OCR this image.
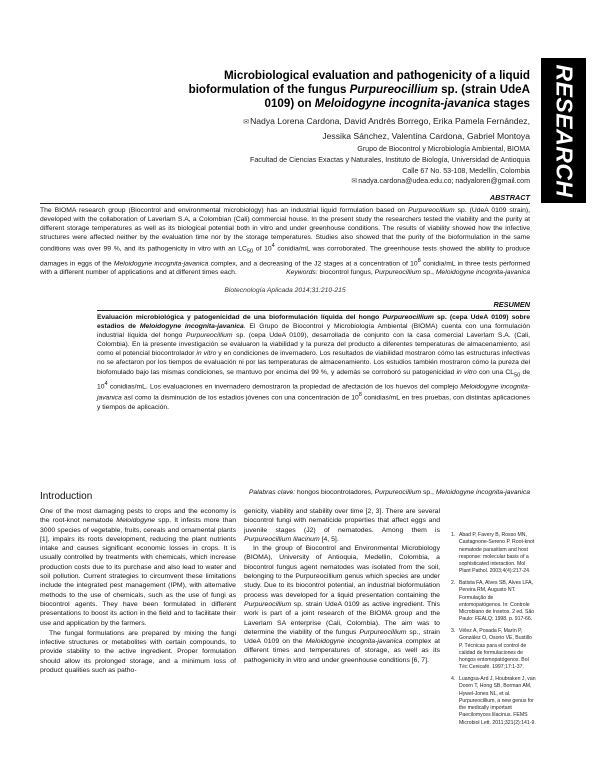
RESEARCH
Microbiological evaluation and pathogenicity of a liquid
bioformulation of the fungus Purpureocillium sp. (strain UdeA
0109) on Meloidogyne incognita-javanica stages
✉Nadya Lorena Cardona, David Andrés Borrego, Erika Pamela Fernández,
Jessika Sánchez, Valentina Cardona, Gabriel Montoya
Grupo de Biocontrol y Microbiología Ambiental, BIOMA
Facultad de Ciencias Exactas y Naturales, Instituto de Biología, Universidad de Antioquia
Calle 67 No. 53-108, Medellín, Colombia
✉nadya.cardona@udea.edu.co; nadyaloren@gmail.com
ABSTRACT
The BIOMA research group (Biocontrol and environmental microbiology) has an industrial liquid formulation based on Purpureocillium sp. (UdeA 0109 strain), developed with the collaboration of Laverlam S.A, a Colombian (Cali) commercial house. In the present study the researchers tested the viability and the purity at different storage temperatures as well as its biological potential both in vitro and under greenhouse conditions. The results of viability showed how the infective structures were affected neither by the evaluation time nor by the storage temperatures. Studies also showed that the purity of the bioformulation in the same conditions was over 99 %, and its pathogenicity in vitro with an $LC_{50}$ of $10^4$ conidia/mL was corroborated. The greenhouse tests showed the ability to produce damages in eggs of the Meloidogyne incognita-javanica complex, and a decreasing of the J2 stages at a concentration of $10^8$ conidia/mL in three tests performed with a different number of applications and at different times each.	Keywords: biocontrol fungus, Purpureocillium sp., Meloidogyne incognita-javanica
Biotecnología Aplicada 2014;31:210-215
RESUMEN
Evaluación microbiológica y patogenicidad de una bioformulación líquida del hongo Purpureocillium sp. (cepa UdeA 0109) sobre estadios de Meloidogyne incognita-javanica. El Grupo de Biocontrol y Microbiología Ambiental (BIOMA) cuenta con una formulación industrial líquida del hongo Purpureocillium sp. (cepa UdeA 0109), desarrollada de conjunto con la casa comercial Laverlam S.A. (Cali, Colombia). En la presente investigación se evaluaron la viabilidad y la pureza del producto a diferentes temperaturas de almacenamiento, así como el potencial biocontrolador in vitro y en condiciones de invernadero. Los resultados de viabilidad mostraron cómo las estructuras infectivas no se afectaron por los tiempos de evaluación ni por las temperaturas de almacenamiento. Los estudios también mostraron cómo la pureza del biofomulado bajo las mismas condiciones, se mantuvo por encima del 99 %, y además se corroboró su patogenicidad in vitro con una $CL_{50}$ de $10^4$ conidias/mL. Los evaluaciones en invernadero demostraron la propiedad de afectación de los huevos del complejo Meloidogyne incognita-javanica así como la disminución de los estadios jóvenes con una concentración de $10^8$ conidias/mL en tres pruebas, con distintas aplicaciones y tiempos de aplicación.
Palabras clave: hongos biocontroladores, Purpureocillium sp., Meloidogyne incognita-javanica
Introduction

One of the most damaging pests to crops and the economy is the root-knot nematode Meloidogyne spp. It infests more than 3000 species of vegetable, fruits, cereals and ornamental plants [1], impairs its roots development, reducing the plant nutrients intake and causes significant economic losses in crops. It is usually controlled by treatments with chemicals, which increase production costs due to its purchase and also lead to water and soil pollution. Current strategies to circumvent these limitations include the integrated pest management (IPM), with alternative methods to the use of chemicals, such as the use of fungi as biocontrol agents. They have been formulated in different presentations to boost its action in the field and to facilitate their use and application by the farmers.

The fungal formulations are prepared by mixing the fungi infective structures or metabolites with certain compounds, to provide stability to the active ingredient. Proper formulation should allow its prolonged storage, and a minimum loss of product qualities such as patho-

genicity, viability and stability over time [2, 3]. There are several biocontrol fungi with nematicide properties that affect eggs and juvenile stages (J2) of nematodes. Among them is Purpureocillium lilacinum [4, 5].

In the group of Biocontrol and Environmental Microbiology (BIOMA), University of Antioquia, Medellin, Colombia, a biocontrol fungus agent nematodes was isolated from the soil, belonging to the Purpureocillium genus which species are under study. Due to its biocontrol potential, an industrial bioformulation process was developed for a liquid presentation containing the Purpureocillium sp. strain UdeA 0109 as active ingredient. This work is part of a joint research of the BIOMA group and the Laverlam SA enterprise (Cali, Colombia). The aim was to determine the viability of the fungus Purpureocillium sp., strain UdeA 0109 on the Meloidogyne incognita-javanica complex at different times and temperatures of storage, as well as its pathogenicity in vitro and under greenhouse conditions [6, 7].

1. Abad P, Favery B, Rosso MN, Castagnone-Sereno P. Root-knot nematode parasitism and host response: molecular basis of a sophisticated interaction. Mol Plant Pathol. 2003;4(4):217-24.
2. Batista FA, Alves SB, Alves LFA, Pereira RM, Augusto NT. Formulação de entomopatógenos. In: Controle Microbiano de Insetos. 2 ed. São Paulo: FEALQ; 1998. p. 917-66.
3. Vélez A, Posada F, Marín P, González O, Osorio VE, Bustillo P. Técnicas para el control de calidad de formulaciones de hongos entomopatógenos. Bol Téc Cenicafé. 1997;17:1-37.
4. Luangsa-Ard J, Houbraken J, van Doorn T, Hong SB, Borman AM, Hywel-Jones NL, et al. Purpureocillium, a new genus for the medically important Paecilomyces lilacinus. FEMS Microbiol Lett. 2011;321(2):141-9.
